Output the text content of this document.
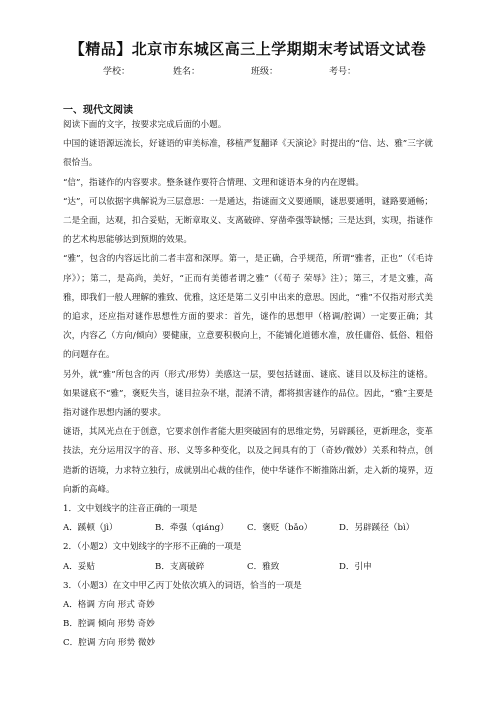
【精品】北京市东城区高三上学期期末考试语文试卷
学校：	姓名：	班级：	考号：
一、现代文阅读

阅读下面的文字，按要求完成后面的小题。

中国的谜语源远流长，好谜语的审美标准，移植严复翻译《天演论》时提出的“信、达、雅”三字就很恰当。

“信”，指谜作的内容要求。整条谜作要符合情理、文理和谜语本身的内在逻辑。

“达”，可以依据字典解说为三层意思：一是通达，指谜面文义要通顺，谜思要通明，谜路要通畅；二是全面，达观，扣合妥贴，无断章取义、支离破碎、穿凿牵强等缺憾；三是达到，实现，指谜作的艺术构思能够达到预期的效果。

“雅”，包含的内容远比前二者丰富和深厚。第一，是正确，合乎规范，所谓“雅者，正也”（《毛诗序》）；第二，是高尚，美好，“正而有美德者谓之雅”（《荀子 荣辱》注）；第三，才是文雅，高雅，即我们一般人理解的雅致、优雅，这还是第二义引申出来的意思。因此，“雅”不仅指对形式美的追求，还应指对谜作思想性方面的要求：首先，谜作的思想甲（格调/腔调）一定要正确；其次，内容乙（方向/倾向）要健康，立意要积极向上，不能铺化道德水准，放任庸俗、低俗、粗俗的问题存在。

另外，就“雅”所包含的丙（形式/形势）美感这一层，要包括谜面、谜底、谜目以及标注的谜格。如果谜底不“雅”，褒贬失当，谜目拉杂不堪，混淆不清，都将损害谜作的品位。因此，“雅”主要是指对谜作思想内涵的要求。

谜语，其风光点在于创意，它要求创作者能大胆突破固有的思维定势，另辟蹊径，更新理念，变革技法，充分运用汉字的音、形、义等多种变化，以及之间具有的丁（奇妙/微妙）关系和特点，创造新的语境，力求特立独行，成就别出心裁的佳作，使中华谜作不断推陈出新，走入新的境界，迈向新的高峰。

1．文中划线字的注音正确的一项是

A．蹊顿（jì）	B．牵强（qiáng）	C．褒贬（bǎo）	D．另辟蹊径（bì）

2．（小题2）文中划线字的字形不正确的一项是

A．妥贴	B．支离破碎	C．雅致	D．引申

3．（小题3）在文中甲乙丙丁处依次填入的词语，恰当的一项是

A．格调 方向 形式 奇妙

B．腔调 倾向 形势 奇妙

C．腔调 方向 形势 微妙
